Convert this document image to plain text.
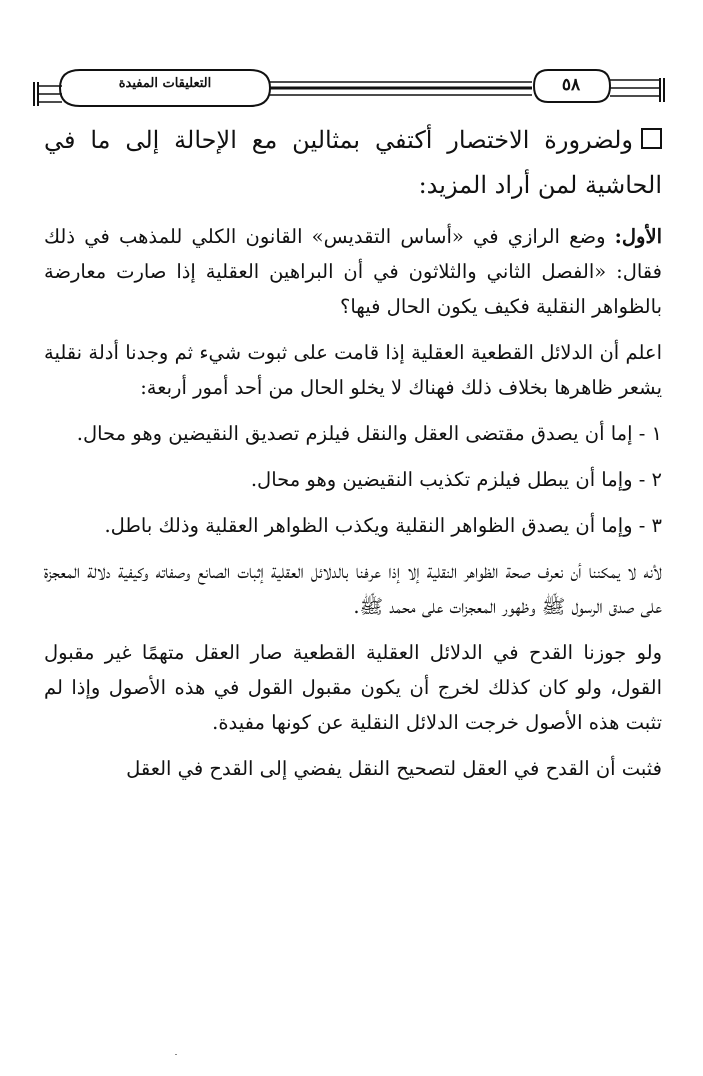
التعليقات المفيدة	٥٨

ولضرورة الاختصار أكتفي بمثالين مع الإحالة إلى ما في الحاشية لمن أراد المزيد:

الأول: وضع الرازي في «أساس التقديس» القانون الكلي للمذهب في ذلك فقال: «الفصل الثاني والثلاثون في أن البراهين العقلية إذا صارت معارضة بالظواهر النقلية فكيف يكون الحال فيها؟

اعلم أن الدلائل القطعية العقلية إذا قامت على ثبوت شيء ثم وجدنا أدلة نقلية يشعر ظاهرها بخلاف ذلك فهناك لا يخلو الحال من أحد أمور أربعة:

١ - إما أن يصدق مقتضى العقل والنقل فيلزم تصديق النقيضين وهو محال.

٢ - وإما أن يبطل فيلزم تكذيب النقيضين وهو محال.

٣ - وإما أن يصدق الظواهر النقلية ويكذب الظواهر العقلية وذلك باطل.

لأنه لا يمكننا أن نعرف صحة الظواهر النقلية إلا إذا عرفنا بالدلائل العقلية إثبات الصانع وصفاته وكيفية دلالة المعجزة على صدق الرسول ﷺ وظهور المعجزات على محمد ﷺ.

ولو جوزنا القدح في الدلائل العقلية القطعية صار العقل متهمًا غير مقبول القول، ولو كان كذلك لخرج أن يكون مقبول القول في هذه الأصول وإذا لم تثبت هذه الأصول خرجت الدلائل النقلية عن كونها مفيدة.

فثبت أن القدح في العقل لتصحيح النقل يفضي إلى القدح في العقل
